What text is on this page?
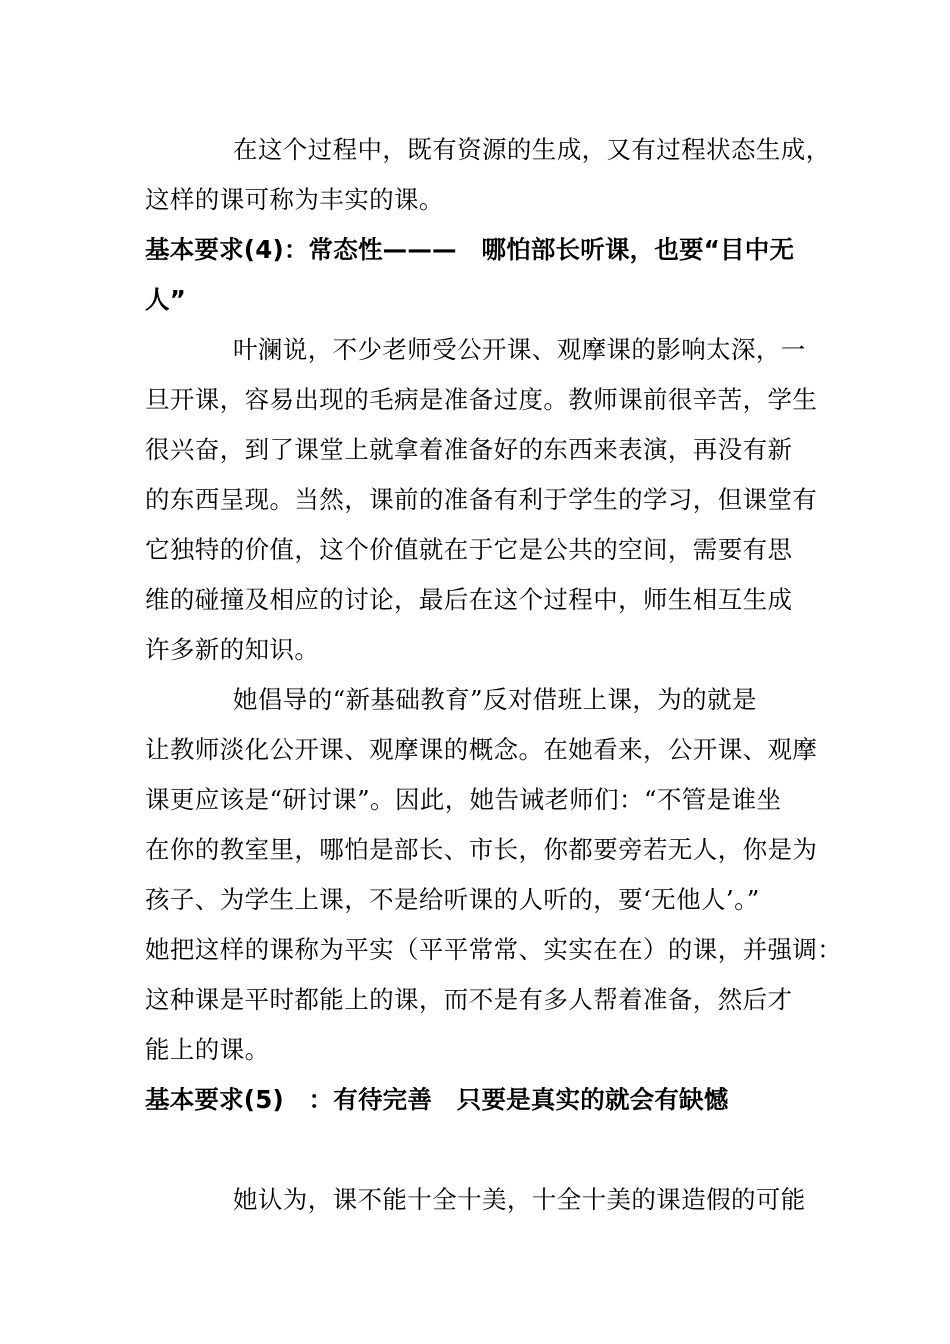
在这个过程中，既有资源的生成，又有过程状态生成，
这样的课可称为丰实的课。
基本要求(4)：常态性———　哪怕部长听课，也要“目中无
人”
叶澜说，不少老师受公开课、观摩课的影响太深，一
旦开课，容易出现的毛病是准备过度。教师课前很辛苦，学生
很兴奋，到了课堂上就拿着准备好的东西来表演，再没有新
的东西呈现。当然，课前的准备有利于学生的学习，但课堂有
它独特的价值，这个价值就在于它是公共的空间，需要有思
维的碰撞及相应的讨论，最后在这个过程中，师生相互生成
许多新的知识。
她倡导的“新基础教育”反对借班上课，为的就是
让教师淡化公开课、观摩课的概念。在她看来，公开课、观摩
课更应该是“研讨课”。因此，她告诫老师们：“不管是谁坐
在你的教室里，哪怕是部长、市长，你都要旁若无人，你是为
孩子、为学生上课，不是给听课的人听的，要‘无他人’。”
她把这样的课称为平实（平平常常、实实在在）的课，并强调：
这种课是平时都能上的课，而不是有多人帮着准备，然后才
能上的课。
基本要求(5)　：有待完善　只要是真实的就会有缺憾
她认为，课不能十全十美，十全十美的课造假的可能
